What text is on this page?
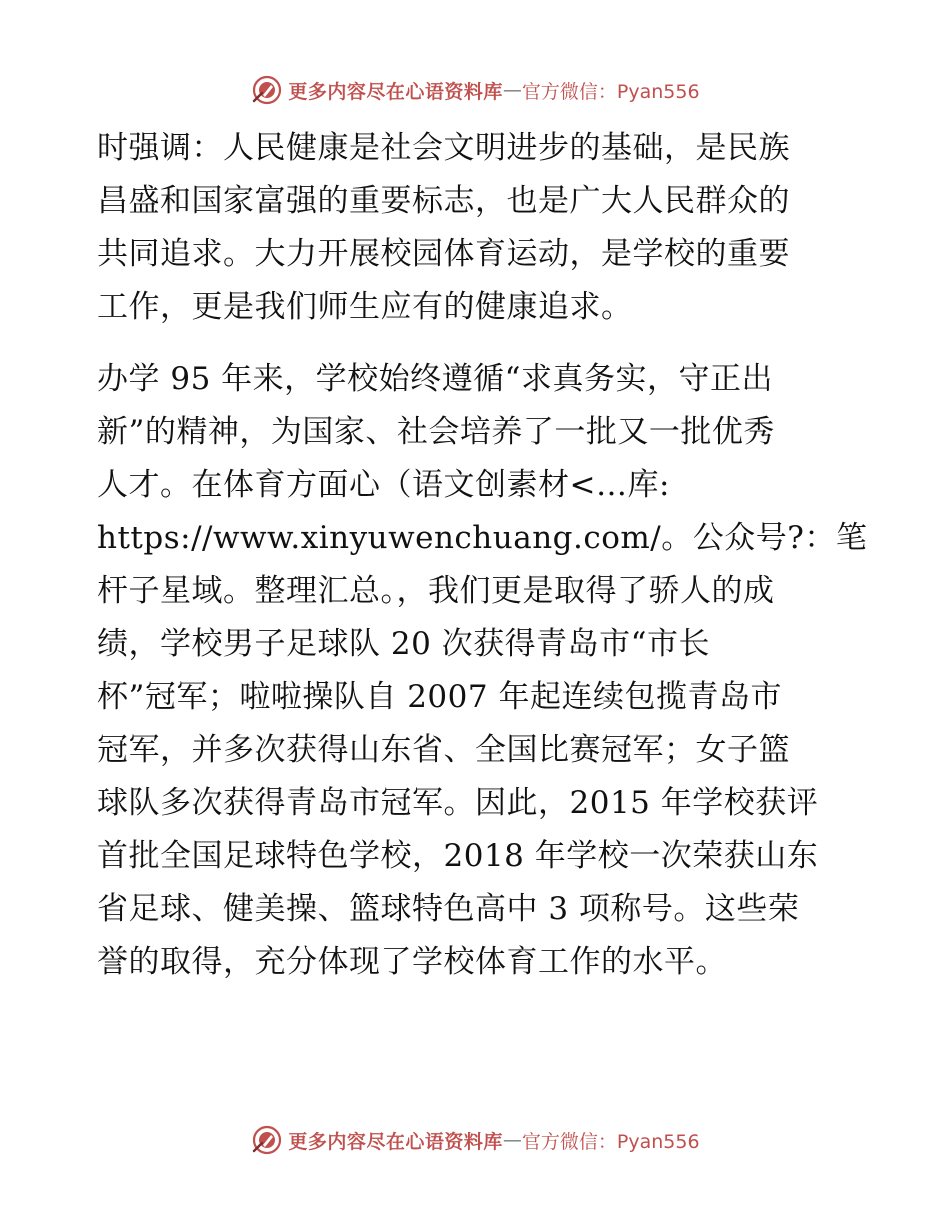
更多内容尽在心语资料库 — 官方微信：Pyan556
时强调：人民健康是社会文明进步的基础，是民族
昌盛和国家富强的重要标志，也是广大人民群众的
共同追求。大力开展校园体育运动，是学校的重要
工作，更是我们师生应有的健康追求。
办学 95 年来，学校始终遵循“求真务实，守正出
新”的精神，为国家、社会培养了一批又一批优秀
人才。在体育方面心（语文创素材<…库:
https://www.xinyuwenchuang.com/。公众号?：笔
杆子星域。整理汇总。，我们更是取得了骄人的成
绩，学校男子足球队 20 次获得青岛市“市长
杯”冠军；啦啦操队自 2007 年起连续包揽青岛市
冠军，并多次获得山东省、全国比赛冠军；女子篮
球队多次获得青岛市冠军。因此，2015 年学校获评
首批全国足球特色学校，2018 年学校一次荣获山东
省足球、健美操、篮球特色高中 3 项称号。这些荣
誉的取得，充分体现了学校体育工作的水平。
更多内容尽在心语资料库 — 官方微信：Pyan556
